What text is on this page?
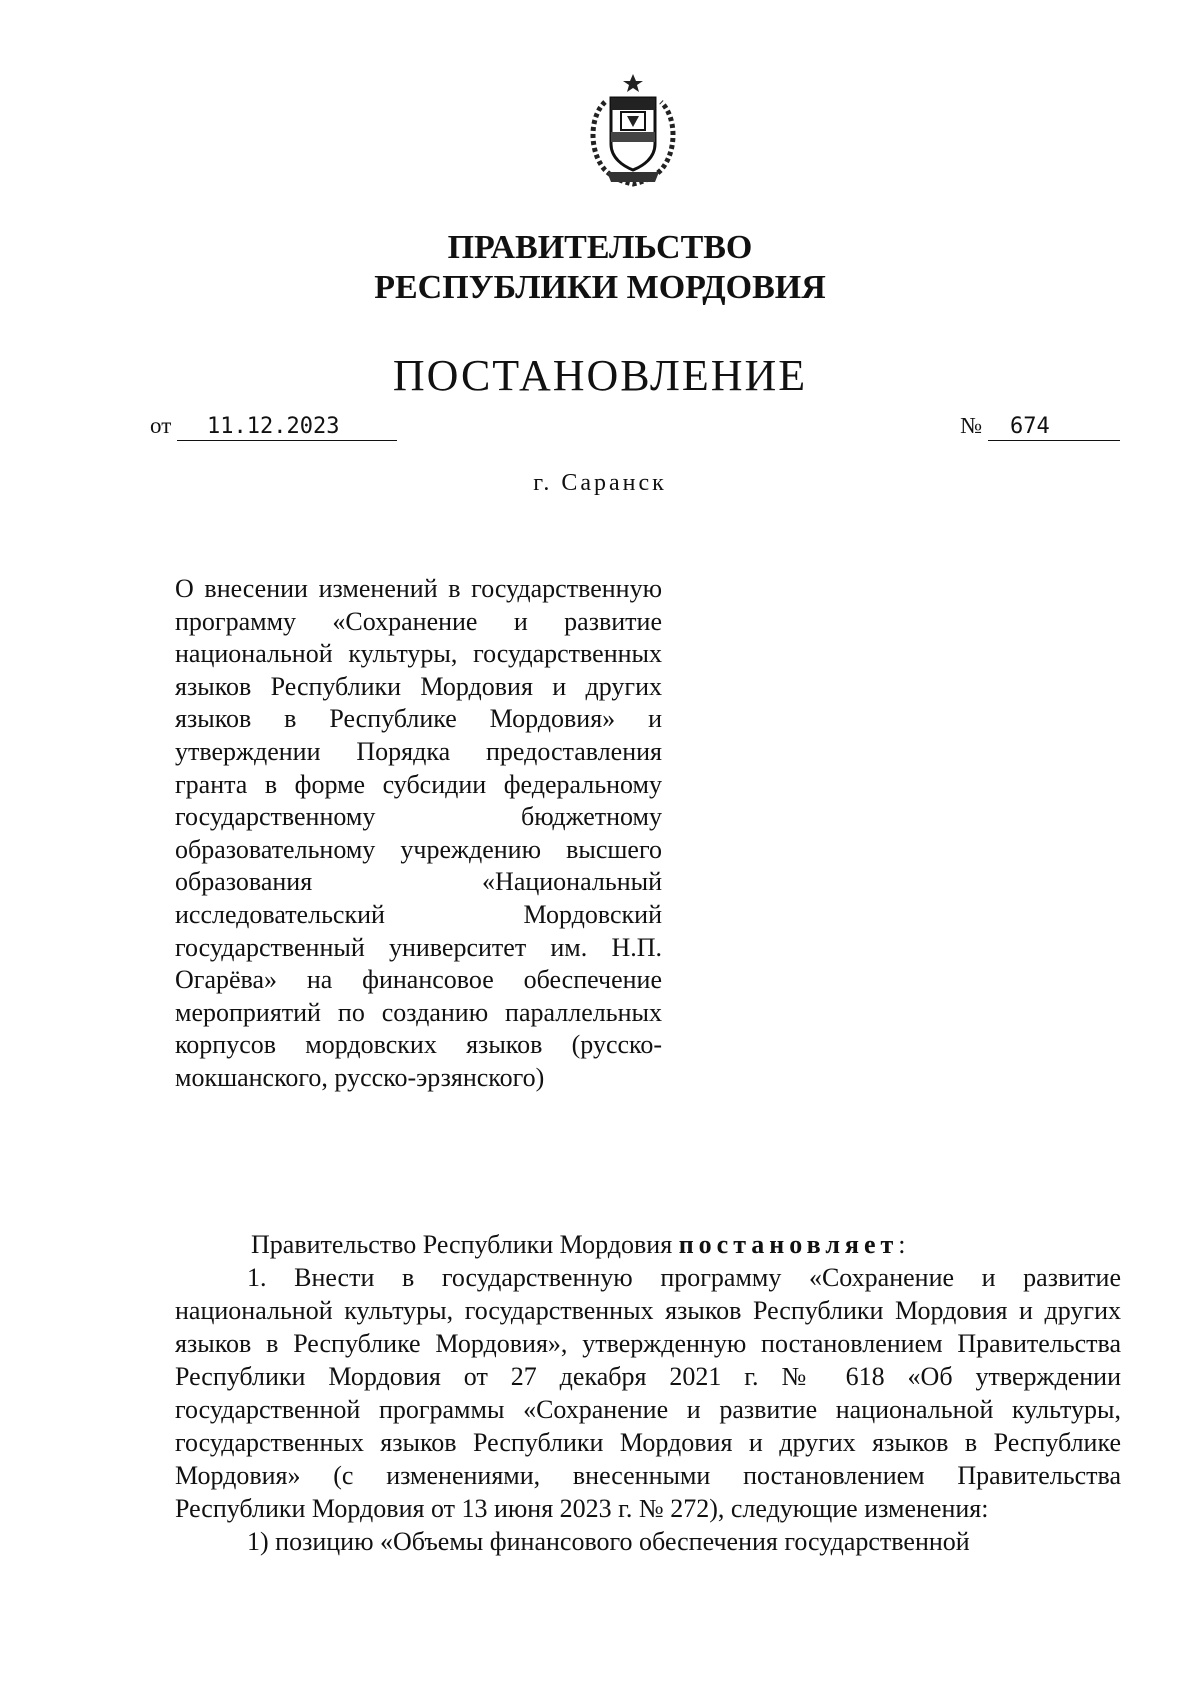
ПРАВИТЕЛЬСТВО
РЕСПУБЛИКИ МОРДОВИЯ
ПОСТАНОВЛЕНИЕ
от 11.12.2023	№ 674
г. Саранск

О внесении изменений в государственную программу «Сохранение и развитие национальной культуры, государственных языков Республики Мордовия и других языков в Республике Мордовия» и утверждении Порядка предоставления гранта в форме субсидии федеральному государственному бюджетному образовательному учреждению высшего образования «Национальный исследовательский Мордовский государственный университет им. Н.П. Огарёва» на финансовое обеспечение мероприятий по созданию параллельных корпусов мордовских языков (русско-мокшанского, русско-эрзянского)

Правительство Республики Мордовия постановляет:

1. Внести в государственную программу «Сохранение и развитие национальной культуры, государственных языков Республики Мордовия и других языков в Республике Мордовия», утвержденную постановлением Правительства Республики Мордовия от 27 декабря 2021 г. № 618 «Об утверждении государственной программы «Сохранение и развитие национальной культуры, государственных языков Республики Мордовия и других языков в Республике Мордовия» (с изменениями, внесенными постановлением Правительства Республики Мордовия от 13 июня 2023 г. № 272), следующие изменения:

1) позицию «Объемы финансового обеспечения государственной
